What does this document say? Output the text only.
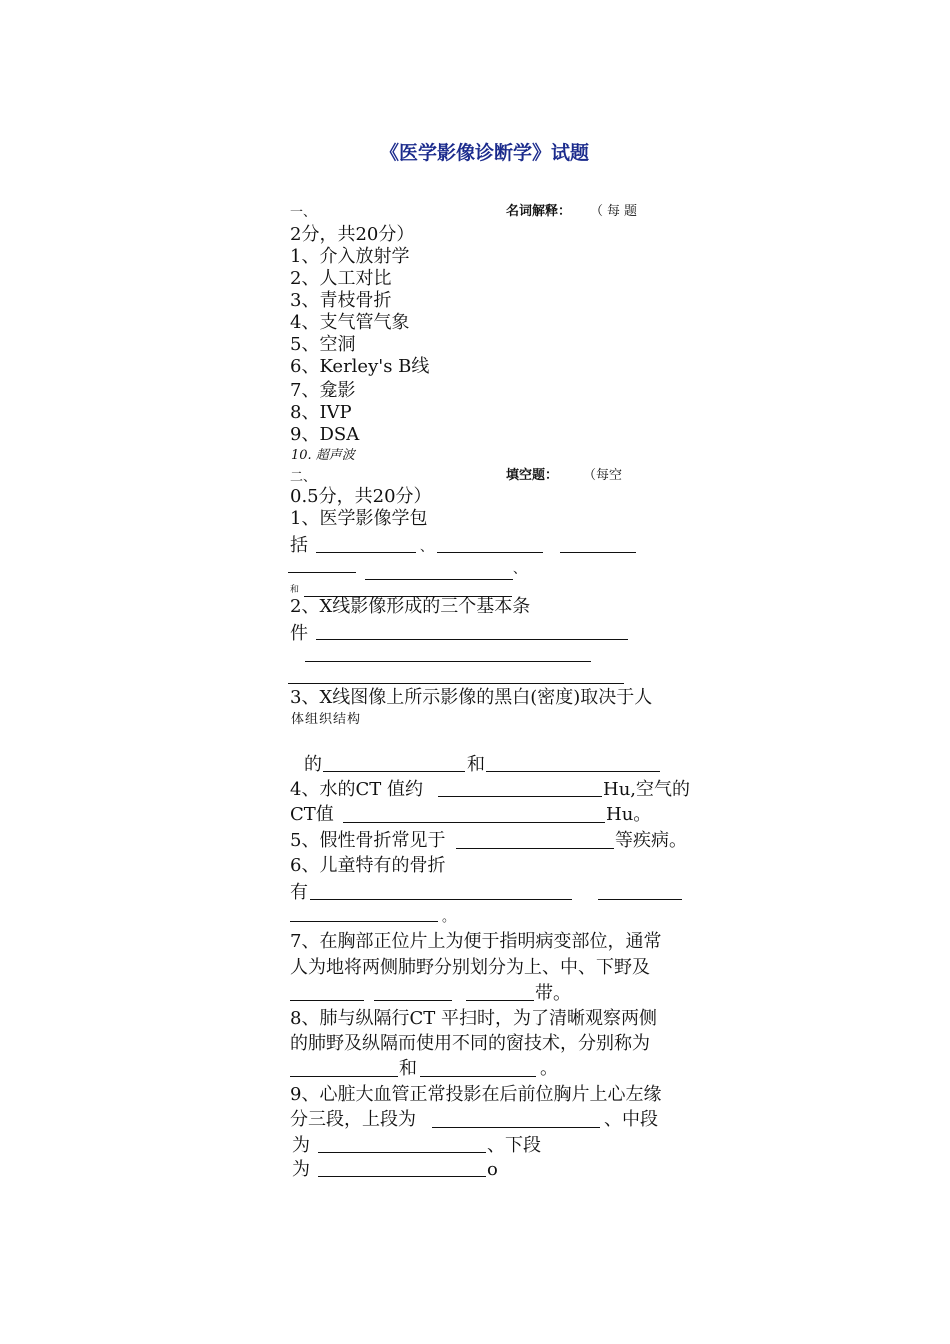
《医学影像诊断学》试题
一、	名词解释： （每题
2分，共20分）
1、介入放射学
2、人工对比
3、青枝骨折
4、支气管气象
5、空洞
6、Kerley's B线
7、龛影
8、IVP
9、DSA
10. 超声波
二、	填空题： （每空
0.5分，共20分）
1、医学影像学包
括	、
、
和
2、X线影像形成的三个基本条
件
3、X线图像上所示影像的黑白(密度)取决于人
体组织结构
的	和
4、水的CT 值约	Hu,空气的
CT值	Hu。
5、假性骨折常见于	等疾病。
6、儿童特有的骨折
有
。
7、在胸部正位片上为便于指明病变部位，通常
人为地将两侧肺野分别划分为上、中、下野及
带。
8、肺与纵隔行CT 平扫时，为了清晰观察两侧
的肺野及纵隔而使用不同的窗技术，分别称为
和	。
9、心脏大血管正常投影在后前位胸片上心左缘
分三段，上段为	、中段
为	、下段
为	o
